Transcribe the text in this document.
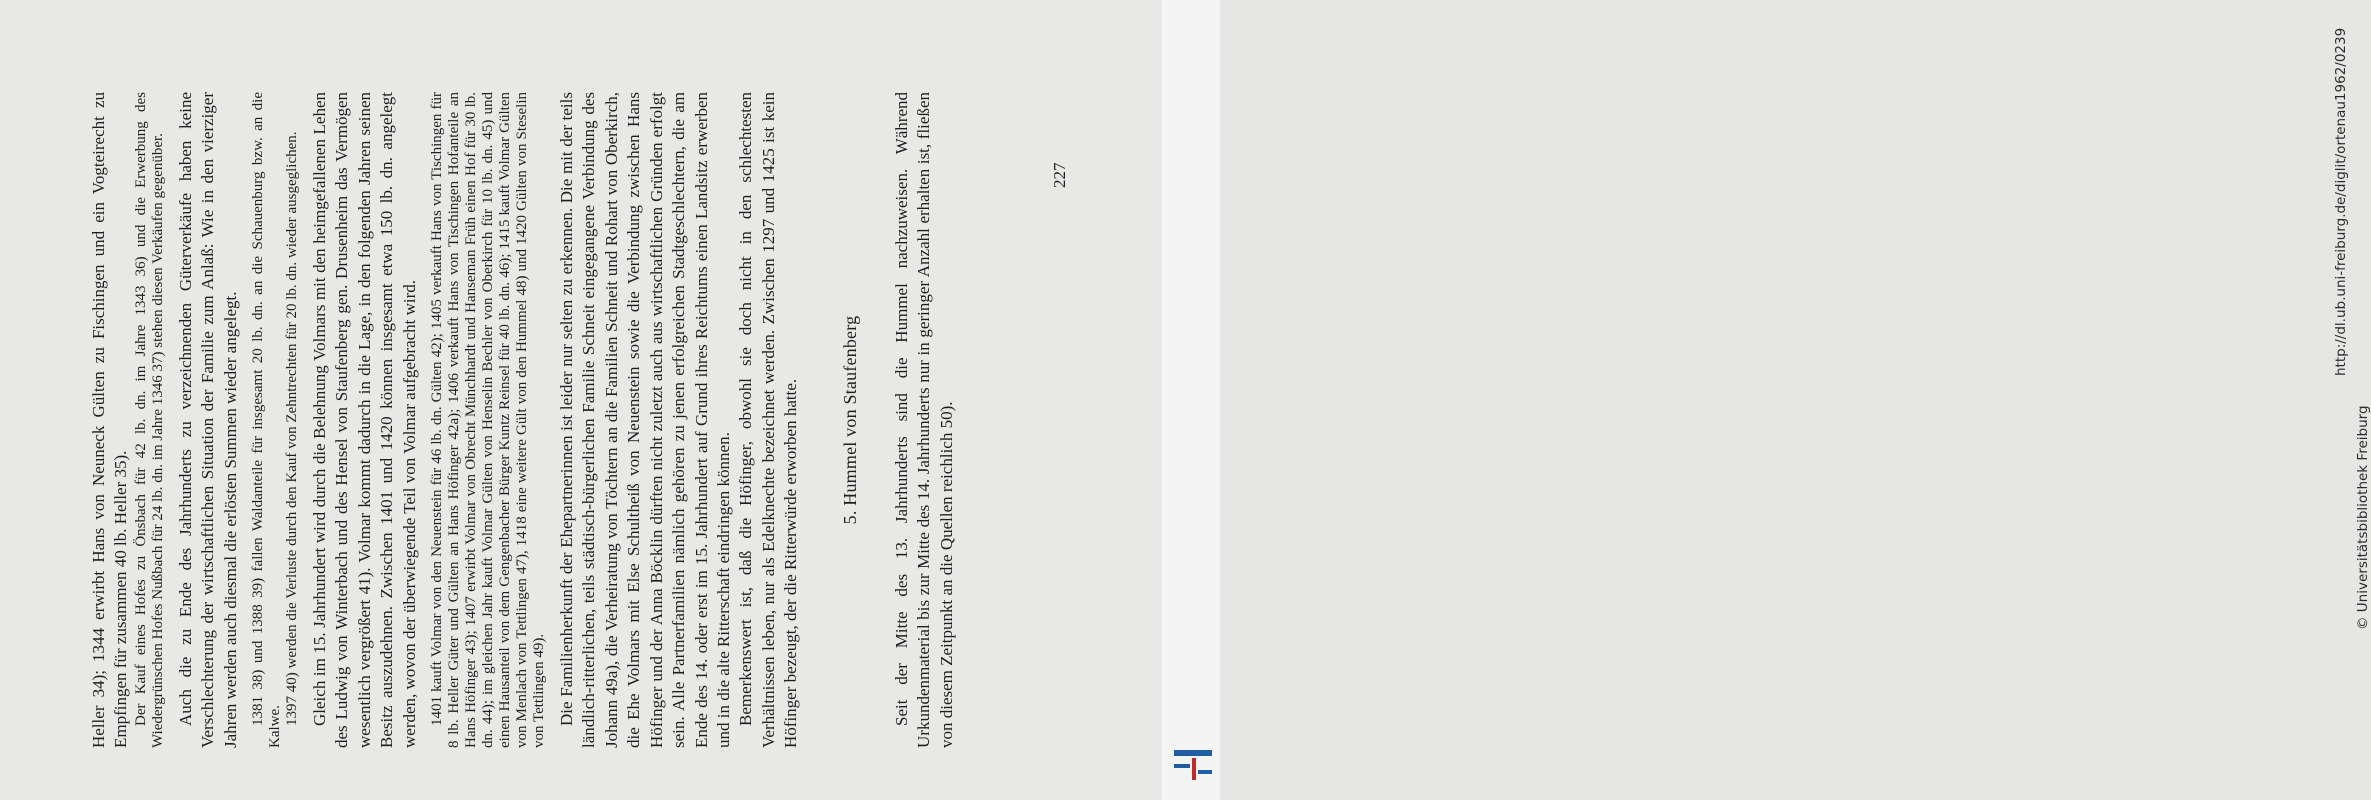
Heller 34); 1344 erwirbt Hans von Neuneck Gülten zu Fischingen und ein Vogteirecht zu Empfingen für zusammen 40 lb. Heller 35). Der Kauf eines Hofes zu Önsbach für 42 lb. dn. im Jahre 1343 36) und die Erwerbung des Wiedergrünschen Hofes Nußbach für 24 lb. dn. im Jahre 1346 37) stehen diesen Verkäufen gegenüber. Auch die zu Ende des Jahrhunderts zu verzeichnenden Güterverkäufe haben keine Verschlechterung der wirtschaftlichen Situation der Familie zum Anlaß: Wie in den vierziger Jahren werden auch diesmal die erlösten Summen wieder angelegt. 1381 38) und 1388 39) fallen Waldanteile für insgesamt 20 lb. dn. an die Schauenburg bzw. an die Kalwe.

1397 40) werden die Verluste durch den Kauf von Zehntrechten für 20 lb. dn. wieder ausgeglichen. Gleich im 15. Jahrhundert wird durch die Belehnung Volmars mit den heimgefallenen Lehen des Ludwig von Winterbach und des Hensel von Staufenberg gen. Drusenheim das Vermögen wesentlich vergrößert 41). Volmar kommt dadurch in die Lage, in den folgenden Jahren seinen Besitz auszudehnen. Zwischen 1401 und 1420 können insgesamt etwa 150 lb. dn. angelegt werden, wovon der überwiegende Teil von Volmar aufgebracht wird. 1401 kauft Volmar von den Neuenstein für 46 lb. dn. Gülten 42); 1405 verkauft Hans von Tischingen für 8 lb. Heller Güter und Gülten an Hans Höfinger 42a); 1406 verkauft Hans von Tischingen Hofanteile an Hans Höfinger 43); 1407 erwirbt Volmar von Obrecht Münchhardt und Hanseman Früh einen Hof für 30 lb. dn. 44); im gleichen Jahr kauft Volmar Gülten von Henselin Bechler von Oberkirch für 10 lb. dn. 45) und einen Hausanteil von dem Gengenbacher Bürger Kuntz Reinsel für 40 lb. dn. 46); 1415 kauft Volmar Gülten von Menlach von Tettlingen 47), 1418 eine weitere Gült von den Hummel 48) und 1420 Gülten von Steselin von Tettlingen 49). Die Familienherkunft der Ehepartnerinnen ist leider nur selten zu erkennen. Die mit der teils ländlich-ritterlichen, teils städtisch-bürgerlichen Familie Schneit eingegangene Verbindung des Johann 49a), die Verheiratung von Töchtern an die Familien Schneit und Rohart von Oberkirch, die Ehe Volmars mit Else Schultheiß von Neuenstein sowie die Verbindung zwischen Hans Höfinger und der Anna Böcklin dürften nicht zuletzt auch aus wirtschaftlichen Gründen erfolgt sein. Alle Partnerfamilien nämlich gehören zu jenen erfolgreichen Stadtgeschlechtern, die am Ende des 14. oder erst im 15. Jahrhundert auf Grund ihres Reichtums einen Landsitz erwerben und in die alte Ritterschaft eindringen können. Bemerkenswert ist, daß die Höfinger, obwohl sie doch nicht in den schlechtesten Verhältnissen leben, nur als Edelknechte bezeichnet werden. Zwischen 1297 und 1425 ist kein Höfinger bezeugt, der die Ritterwürde erworben hatte. 5. Hummel von Staufenberg Seit der Mitte des 13. Jahrhunderts sind die Hummel nachzuweisen. Während Urkundenmaterial bis zur Mitte des 14. Jahrhunderts nur in geringer Anzahl erhalten ist, fließen von diesem Zeitpunkt an die Quellen reichlich 50).

227	http://dl.ub.uni-freiburg.de/diglit/ortenau1962/0239
© Universitätsbibliothek Freiburg
